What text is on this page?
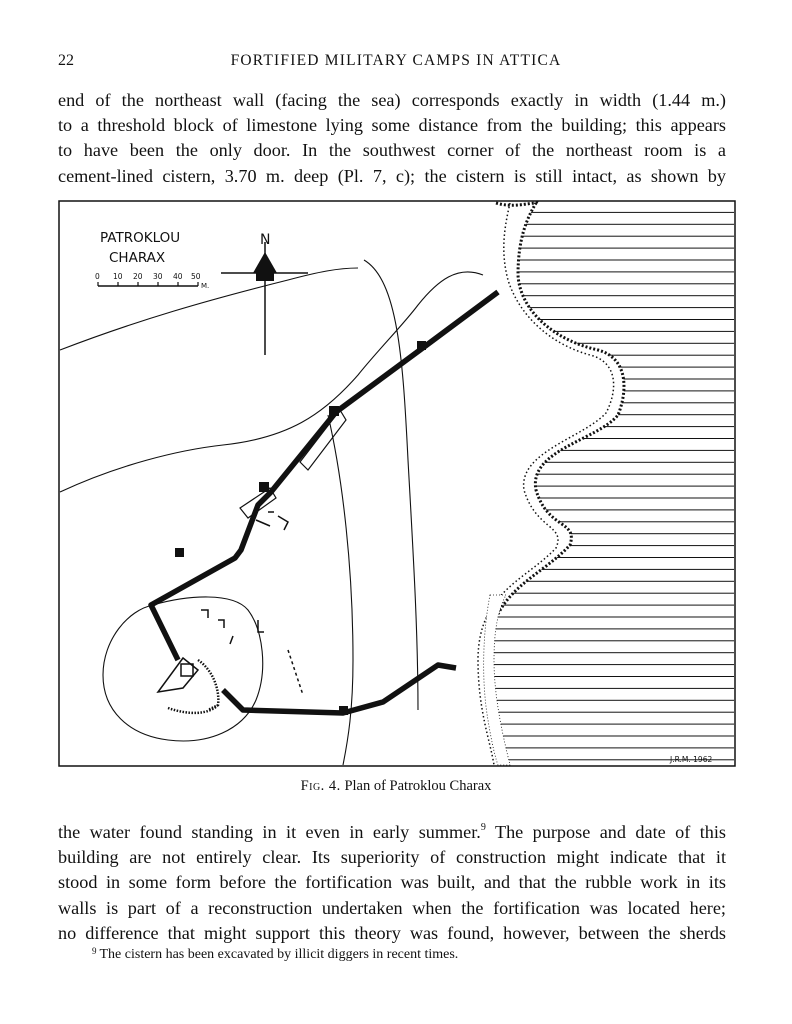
22	FORTIFIED MILITARY CAMPS IN ATTICA
end of the northeast wall (facing the sea) corresponds exactly in width (1.44 m.)
to a threshold block of limestone lying some distance from the building; this appears
to have been the only door. In the southwest corner of the northeast room is a
cement-lined cistern, 3.70 m. deep (Pl. 7, c); the cistern is still intact, as shown by
N
PATROKLOU
CHARAX
0 10 20 30 40 50
M.
J.R.M. 1962
Fig. 4. Plan of Patroklou Charax
the water found standing in it even in early summer.$^9$ The purpose and date of this
building are not entirely clear. Its superiority of construction might indicate that it
stood in some form before the fortification was built, and that the rubble work in its
walls is part of a reconstruction undertaken when the fortification was located here;
no difference that might support this theory was found, however, between the sherds
$^9$ The cistern has been excavated by illicit diggers in recent times.
